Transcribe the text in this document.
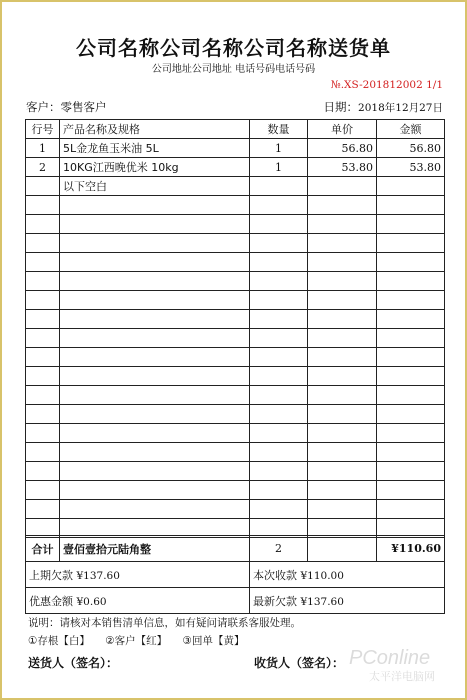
公司名称公司名称公司名称送货单
公司地址公司地址 电话号码电话号码
№.XS-201812002 1/1
客户：零售客户	日期：2018年12月27日
行号	产品名称及规格	数量	单价	金额
1	5L金龙鱼玉米油 5L	1	56.80	56.80
2	10KG江西晚优米 10kg	1	53.80	53.80
	以下空白			

合计	壹佰壹拾元陆角整	2		¥110.60
上期欠款 ¥137.60		本次收款 ¥110.00		
优惠金额 ¥0.60		最新欠款 ¥137.60		
说明：请核对本销售清单信息，如有疑问请联系客服处理。
①存根【白】 ②客户【红】 ③回单【黄】
送货人（签名）：	收货人（签名）： PConline
太平洋电脑网
